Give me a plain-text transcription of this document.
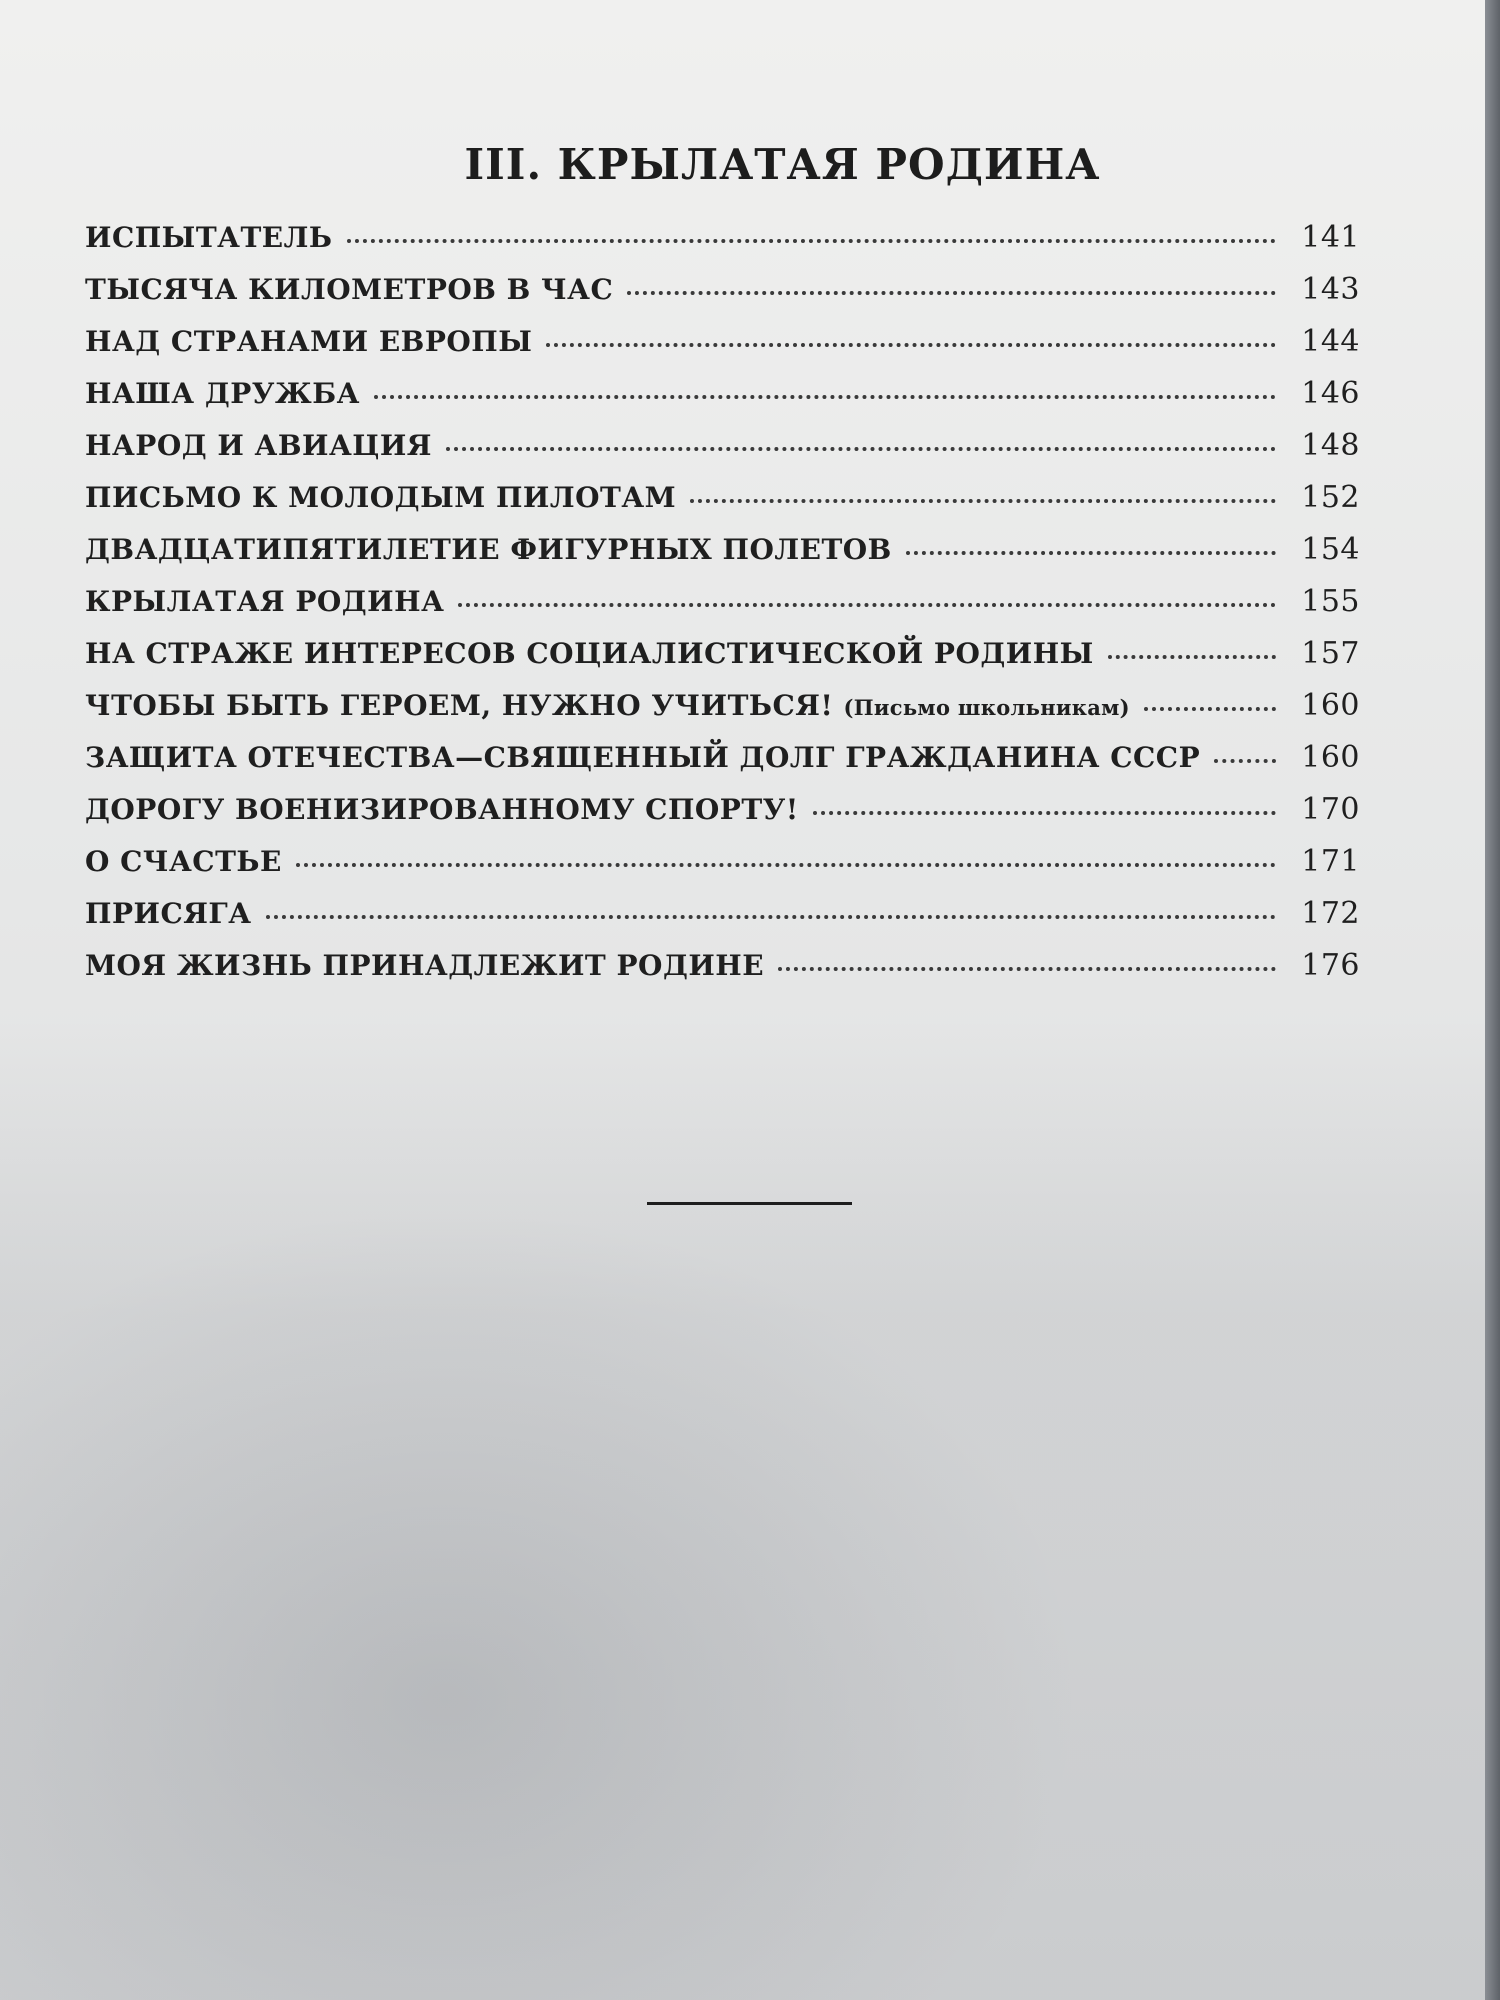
III. КРЫЛАТАЯ РОДИНА
ИСПЫТАТЕЛЬ	141
ТЫСЯЧА КИЛОМЕТРОВ В ЧАС	143
НАД СТРАНАМИ ЕВРОПЫ	144
НАША ДРУЖБА	146
НАРОД И АВИАЦИЯ	148
ПИСЬМО К МОЛОДЫМ ПИЛОТАМ	152
ДВАДЦАТИПЯТИЛЕТИЕ ФИГУРНЫХ ПОЛЕТОВ	154
КРЫЛАТАЯ РОДИНА	155
НА СТРАЖЕ ИНТЕРЕСОВ СОЦИАЛИСТИЧЕСКОЙ РОДИНЫ	157
ЧТОБЫ БЫТЬ ГЕРОЕМ, НУЖНО УЧИТЬСЯ! (Письмо школьникам)	160
ЗАЩИТА ОТЕЧЕСТВА—СВЯЩЕННЫЙ ДОЛГ ГРАЖДАНИНА СССР	160
ДОРОГУ ВОЕНИЗИРОВАННОМУ СПОРТУ!	170
О СЧАСТЬЕ	171
ПРИСЯГА	172
МОЯ ЖИЗНЬ ПРИНАДЛЕЖИТ РОДИНЕ	176
